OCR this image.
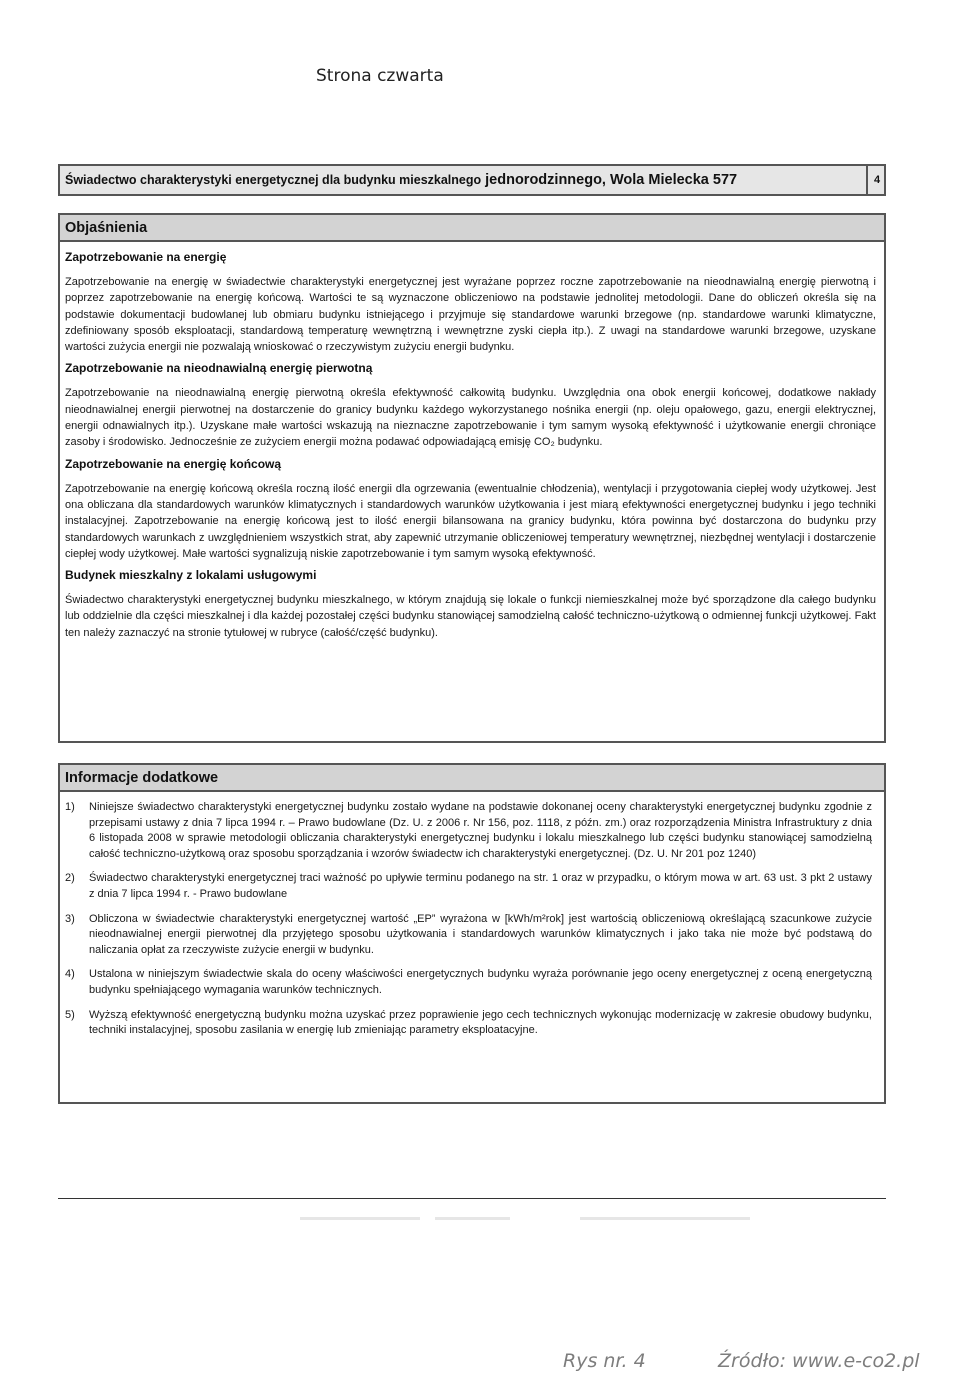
Strona czwarta
Świadectwo charakterystyki energetycznej dla budynku mieszkalnego jednorodzinnego, Wola Mielecka 577	4
Objaśnienia
Zapotrzebowanie na energię
Zapotrzebowanie na energię w świadectwie charakterystyki energetycznej jest wyrażane poprzez roczne zapotrzebowanie na nieodnawialną energię pierwotną i poprzez zapotrzebowanie na energię końcową. Wartości te są wyznaczone obliczeniowo na podstawie jednolitej metodologii. Dane do obliczeń określa się na podstawie dokumentacji budowlanej lub obmiaru budynku istniejącego i przyjmuje się standardowe warunki brzegowe (np. standardowe warunki klimatyczne, zdefiniowany sposób eksploatacji, standardową temperaturę wewnętrzną i wewnętrzne zyski ciepła itp.). Z uwagi na standardowe warunki brzegowe, uzyskane wartości zużycia energii nie pozwalają wnioskować o rzeczywistym zużyciu energii budynku.
Zapotrzebowanie na nieodnawialną energię pierwotną
Zapotrzebowanie na nieodnawialną energię pierwotną określa efektywność całkowitą budynku. Uwzględnia ona obok energii końcowej, dodatkowe nakłady nieodnawialnej energii pierwotnej na dostarczenie do granicy budynku każdego wykorzystanego nośnika energii (np. oleju opałowego, gazu, energii elektrycznej, energii odnawialnych itp.). Uzyskane małe wartości wskazują na nieznaczne zapotrzebowanie i tym samym wysoką efektywność i użytkowanie energii chroniące zasoby i środowisko. Jednocześnie ze zużyciem energii można podawać odpowiadającą emisję CO₂ budynku.
Zapotrzebowanie na energię końcową
Zapotrzebowanie na energię końcową określa roczną ilość energii dla ogrzewania (ewentualnie chłodzenia), wentylacji i przygotowania ciepłej wody użytkowej. Jest ona obliczana dla standardowych warunków klimatycznych i standardowych warunków użytkowania i jest miarą efektywności energetycznej budynku i jego techniki instalacyjnej. Zapotrzebowanie na energię końcową jest to ilość energii bilansowana na granicy budynku, która powinna być dostarczona do budynku przy standardowych warunkach z uwzględnieniem wszystkich strat, aby zapewnić utrzymanie obliczeniowej temperatury wewnętrznej, niezbędnej wentylacji i dostarczenie ciepłej wody użytkowej. Małe wartości sygnalizują niskie zapotrzebowanie i tym samym wysoką efektywność.
Budynek mieszkalny z lokalami usługowymi
Świadectwo charakterystyki energetycznej budynku mieszkalnego, w którym znajdują się lokale o funkcji niemieszkalnej może być sporządzone dla całego budynku lub oddzielnie dla części mieszkalnej i dla każdej pozostałej części budynku stanowiącej samodzielną całość techniczno-użytkową o odmiennej funkcji użytkowej. Fakt ten należy zaznaczyć na stronie tytułowej w rubryce (całość/część budynku).
Informacje dodatkowe
1)	Niniejsze świadectwo charakterystyki energetycznej budynku zostało wydane na podstawie dokonanej oceny charakterystyki energetycznej budynku zgodnie z przepisami ustawy z dnia 7 lipca 1994 r. – Prawo budowlane (Dz. U. z 2006 r. Nr 156, poz. 1118, z późn. zm.) oraz rozporządzenia Ministra Infrastruktury z dnia 6 listopada 2008 w sprawie metodologii obliczania charakterystyki energetycznej budynku i lokalu mieszkalnego lub części budynku stanowiącej samodzielną całość techniczno-użytkową oraz sposobu sporządzania i wzorów świadectw ich charakterystyki energetycznej. (Dz. U. Nr 201 poz 1240)
2)	Świadectwo charakterystyki energetycznej traci ważność po upływie terminu podanego na str. 1 oraz w przypadku, o którym mowa w art. 63 ust. 3 pkt 2 ustawy z dnia 7 lipca 1994 r. - Prawo budowlane
3)	Obliczona w świadectwie charakterystyki energetycznej wartość „EP” wyrażona w [kWh/m²rok] jest wartością obliczeniową określającą szacunkowe zużycie nieodnawialnej energii pierwotnej dla przyjętego sposobu użytkowania i standardowych warunków klimatycznych i jako taka nie może być podstawą do naliczania opłat za rzeczywiste zużycie energii w budynku.
4)	Ustalona w niniejszym świadectwie skala do oceny właściwości energetycznych budynku wyraża porównanie jego oceny energetycznej z oceną energetyczną budynku spełniającego wymagania warunków technicznych.
5)	Wyższą efektywność energetyczną budynku można uzyskać przez poprawienie jego cech technicznych wykonując modernizację w zakresie obudowy budynku, techniki instalacyjnej, sposobu zasilania w energię lub zmieniając parametry eksploatacyjne.
Rys nr. 4	Źródło: www.e-co2.pl
